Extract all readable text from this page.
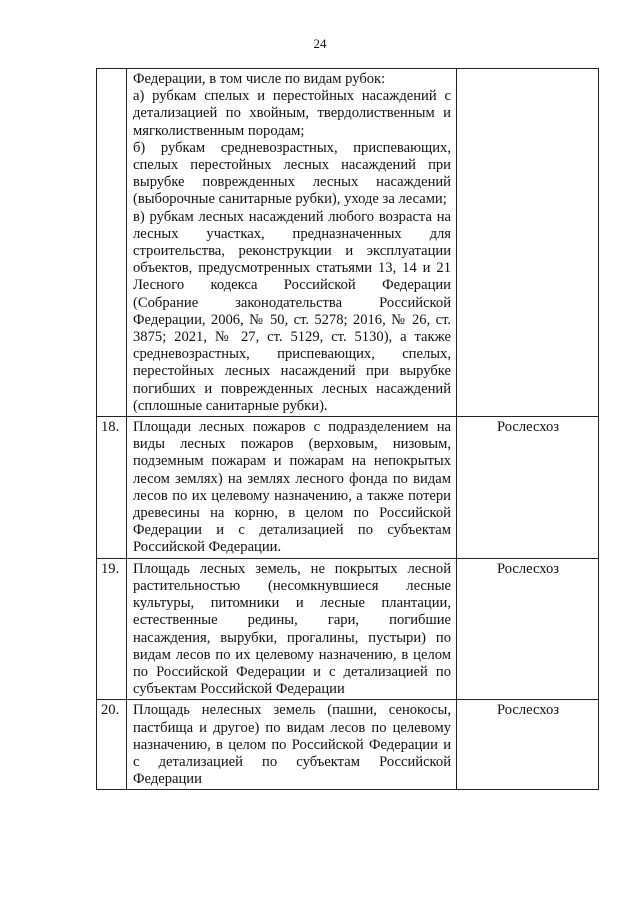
24

	Федерации, в том числе по видам рубок:
а) рубкам спелых и перестойных насаждений с детализацией по хвойным, твердолиственным и мягколиственным породам;
б) рубкам средневозрастных, приспевающих, спелых перестойных лесных насаждений при вырубке поврежденных лесных насаждений (выборочные санитарные рубки), уходе за лесами;
в) рубкам лесных насаждений любого возраста на лесных участках, предназначенных для строительства, реконструкции и эксплуатации объектов, предусмотренных статьями 13, 14 и 21 Лесного кодекса Российской Федерации (Собрание законодательства Российской Федерации, 2006, № 50, ст. 5278; 2016, № 26, ст. 3875; 2021, № 27, ст. 5129, ст. 5130), а также средневозрастных, приспевающих, спелых, перестойных лесных насаждений при вырубке погибших и поврежденных лесных насаждений (сплошные санитарные рубки).	

18.	Площади лесных пожаров с подразделением на виды лесных пожаров (верховым, низовым, подземным пожарам и пожарам на непокрытых лесом землях) на землях лесного фонда по видам лесов по их целевому назначению, а также потери древесины на корню, в целом по Российской Федерации и с детализацией по субъектам Российской Федерации.	Рослесхоз
19.	Площадь лесных земель, не покрытых лесной растительностью (несомкнувшиеся лесные культуры, питомники и лесные плантации, естественные редины, гари, погибшие насаждения, вырубки, прогалины, пустыри) по видам лесов по их целевому назначению, в целом по Российской Федерации и с детализацией по субъектам Российской Федерации	Рослесхоз
20.	Площадь нелесных земель (пашни, сенокосы, пастбища и другое) по видам лесов по целевому назначению, в целом по Российской Федерации и с детализацией по субъектам Российской Федерации	Рослесхоз
